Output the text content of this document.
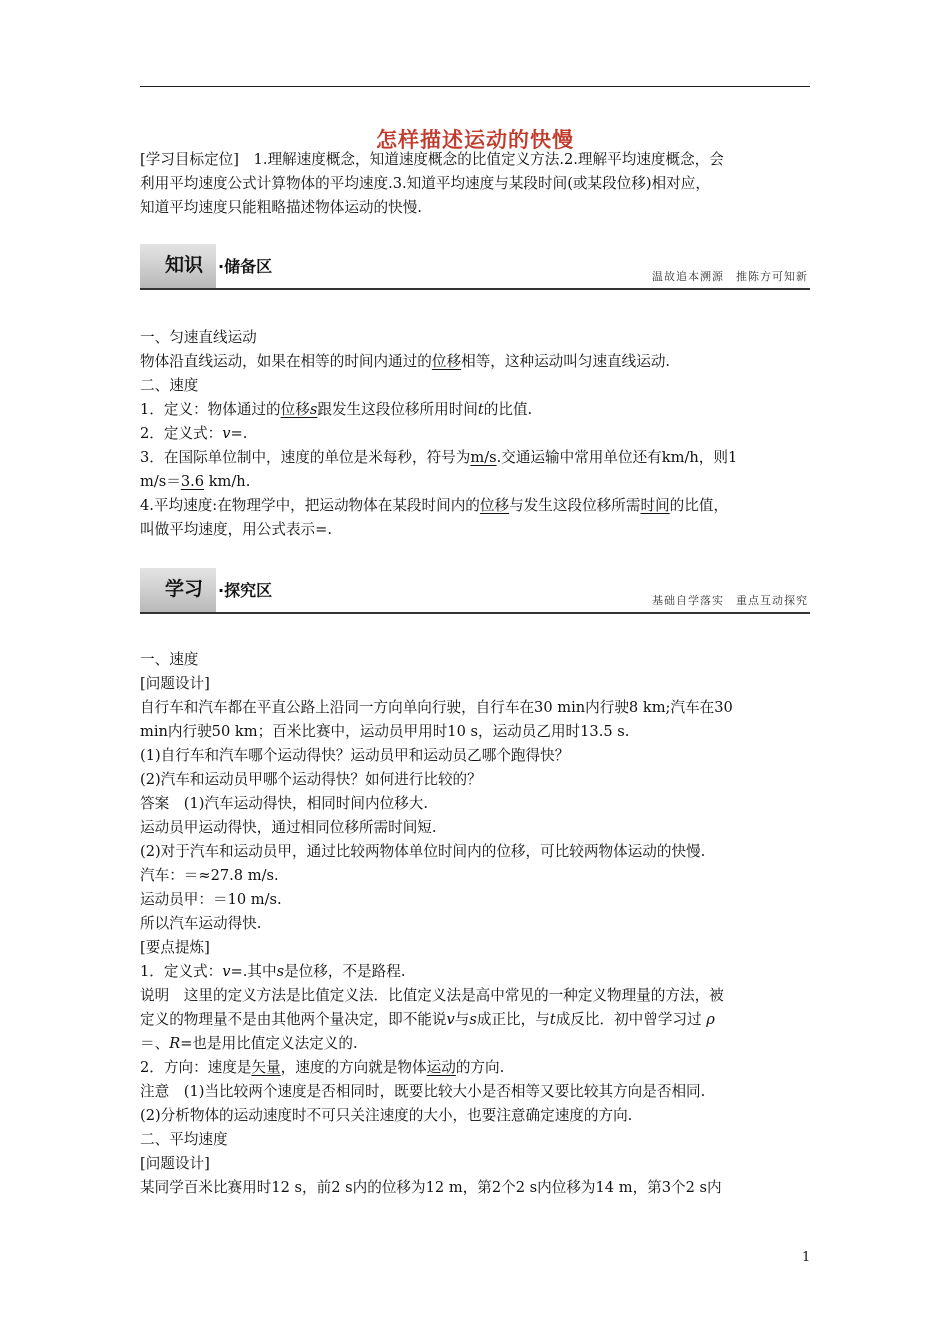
怎样描述运动的快慢
[学习目标定位]　1.理解速度概念，知道速度概念的比值定义方法.2.理解平均速度概念，会
利用平均速度公式计算物体的平均速度.3.知道平均速度与某段时间(或某段位移)相对应，
知道平均速度只能粗略描述物体运动的快慢.
知识 ·储备区
温故追本溯源　推陈方可知新
一、匀速直线运动
物体沿直线运动，如果在相等的时间内通过的位移相等，这种运动叫匀速直线运动.
二、速度
1．定义：物体通过的位移s跟发生这段位移所用时间t的比值.
2．定义式：v=.
3．在国际单位制中，速度的单位是米每秒，符号为m/s.交通运输中常用单位还有km/h，则1
m/s＝3.6 km/h.
4.平均速度:在物理学中，把运动物体在某段时间内的位移与发生这段位移所需时间的比值，
叫做平均速度，用公式表示=.
学习 ·探究区
基础自学落实　重点互动探究
一、速度
[问题设计]
自行车和汽车都在平直公路上沿同一方向单向行驶，自行车在30 min内行驶8 km;汽车在30
min内行驶50 km；百米比赛中，运动员甲用时10 s，运动员乙用时13.5 s.
(1)自行车和汽车哪个运动得快？运动员甲和运动员乙哪个跑得快？
(2)汽车和运动员甲哪个运动得快？如何进行比较的？
答案　(1)汽车运动得快，相同时间内位移大.
运动员甲运动得快，通过相同位移所需时间短.
(2)对于汽车和运动员甲，通过比较两物体单位时间内的位移，可比较两物体运动的快慢.
汽车：＝≈27.8 m/s.
运动员甲：＝10 m/s.
所以汽车运动得快.
[要点提炼]
1．定义式：v=.其中s是位移，不是路程.
说明　这里的定义方法是比值定义法．比值定义法是高中常见的一种定义物理量的方法，被
定义的物理量不是由其他两个量决定，即不能说v与s成正比，与t成反比．初中曾学习过 ρ
＝、R=也是用比值定义法定义的.
2．方向：速度是矢量，速度的方向就是物体运动的方向.
注意　(1)当比较两个速度是否相同时，既要比较大小是否相等又要比较其方向是否相同.
(2)分析物体的运动速度时不可只关注速度的大小，也要注意确定速度的方向.
二、平均速度
[问题设计]
某同学百米比赛用时12 s，前2 s内的位移为12 m，第2个2 s内位移为14 m，第3个2 s内
1
